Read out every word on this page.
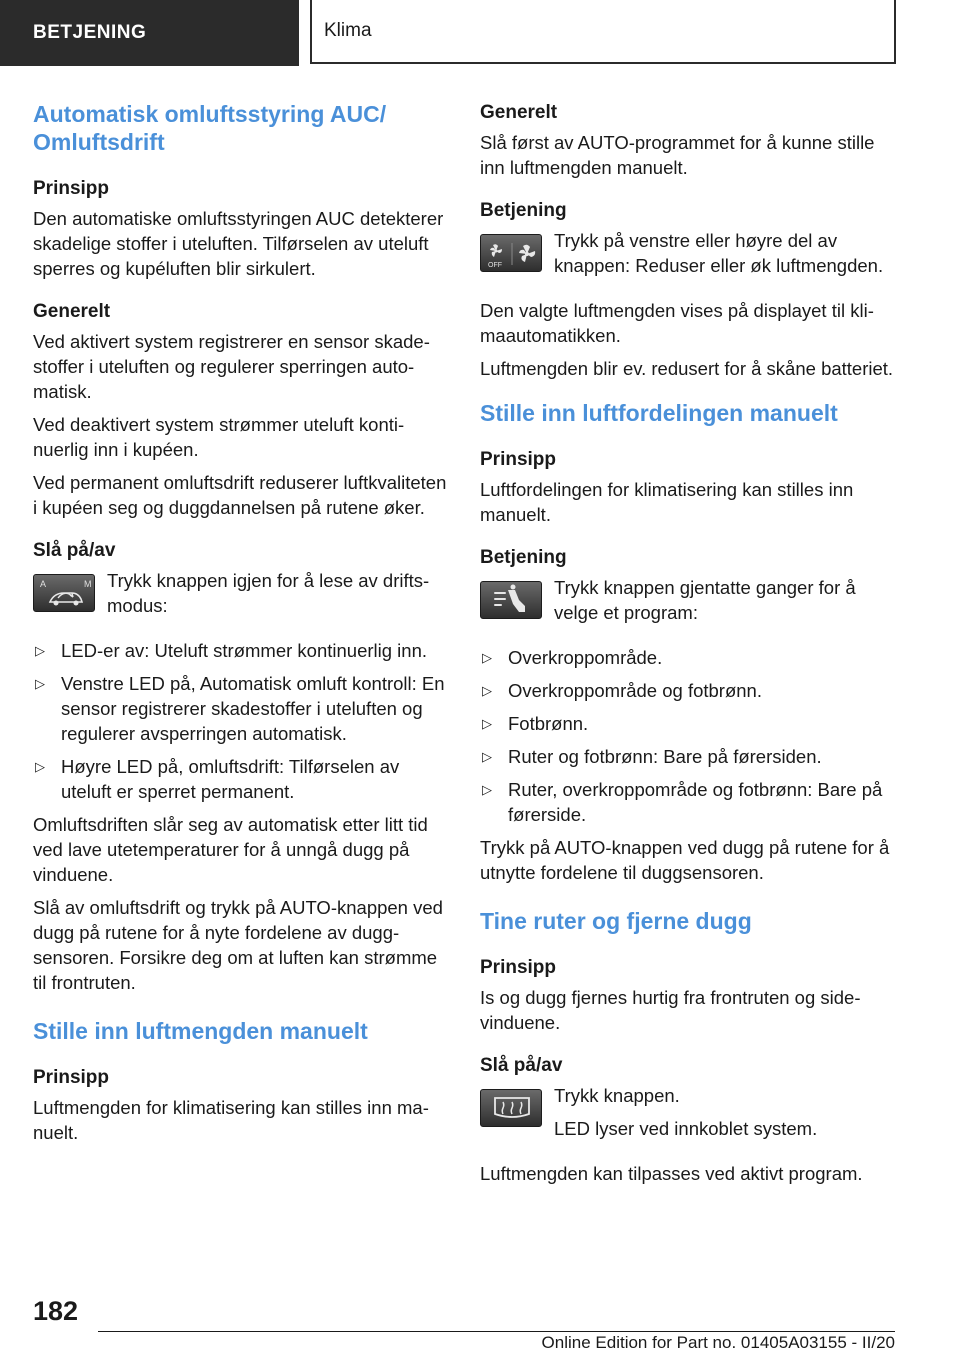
BETJENING	Klima
Automatisk omluftsstyring AUC/ Omluftsdrift
Prinsipp
Den automatiske omluftsstyringen AUC detekterer skadelige stoffer i uteluften. Tilførselen av uteluft sperres og kupéluften blir sirkulert.
Generelt
Ved aktivert system registrerer en sensor skadestoffer i uteluften og regulerer sperringen automatisk.
Ved deaktivert system strømmer uteluft kontinuerlig inn i kupéen.
Ved permanent omluftsdrift reduserer luftkvaliteten i kupéen seg og duggdannelsen på rutene øker.
Slå på/av
A	M Trykk knappen igjen for å lese av driftsmodus:
▷ LED-er av: Uteluft strømmer kontinuerlig inn.
▷ Venstre LED på, Automatisk omluft kontroll: En sensor registrerer skadestoffer i uteluften og regulerer avsperringen automatisk.
▷ Høyre LED på, omluftsdrift: Tilførselen av uteluft er sperret permanent.
Omluftsdriften slår seg av automatisk etter litt tid ved lave utetemperaturer for å unngå dugg på vinduene.
Slå av omluftsdrift og trykk på AUTO-knappen ved dugg på rutene for å nyte fordelene av duggsensoren. Forsikre deg om at luften kan strømme til frontruten.
Stille inn luftmengden manuelt
Prinsipp
Luftmengden for klimatisering kan stilles inn manuelt.
Generelt
Slå først av AUTO-programmet for å kunne stille inn luftmengden manuelt.
Betjening
OFF
Trykk på venstre eller høyre del av knappen: Reduser eller øk luftmengden.
Den valgte luftmengden vises på displayet til klimaautomatikken.
Luftmengden blir ev. redusert for å skåne batteriet.
Stille inn luftfordelingen manuelt
Prinsipp
Luftfordelingen for klimatisering kan stilles inn manuelt.
Betjening
Trykk knappen gjentatte ganger for å velge et program:
▷ Overkroppområde.
▷ Overkroppområde og fotbrønn.
▷ Fotbrønn.
▷ Ruter og fotbrønn: Bare på førersiden.
▷ Ruter, overkroppområde og fotbrønn: Bare på førerside.
Trykk på AUTO-knappen ved dugg på rutene for å utnytte fordelene til duggsensoren.
Tine ruter og fjerne dugg
Prinsipp
Is og dugg fjernes hurtig fra frontruten og sidevinduene.
Slå på/av
Trykk knappen.
LED lyser ved innkoblet system.
Luftmengden kan tilpasses ved aktivt program.
182
Online Edition for Part no. 01405A03155 - II/20
